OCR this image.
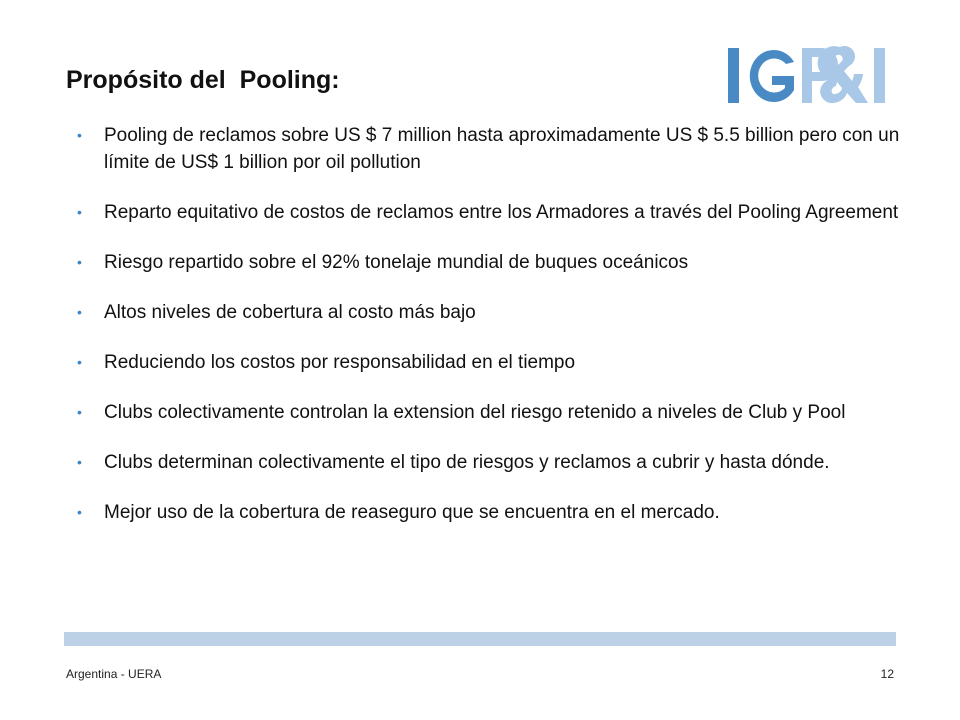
Propósito del  Pooling:
• Pooling de reclamos sobre US $ 7 million hasta aproximadamente US $ 5.5 billion pero con un límite de US$ 1 billion por oil pollution
• Reparto equitativo de costos de reclamos entre los Armadores a través del Pooling Agreement
• Riesgo repartido sobre el 92% tonelaje mundial de buques oceánicos
• Altos niveles de cobertura al costo más bajo
• Reduciendo los costos por responsabilidad en el tiempo
• Clubs colectivamente controlan la extension del riesgo retenido a niveles de Club y Pool
• Clubs determinan colectivamente el tipo de riesgos y reclamos a cubrir y hasta dónde.
• Mejor uso de la cobertura de reaseguro que se encuentra en el mercado.
Argentina - UERA	12
